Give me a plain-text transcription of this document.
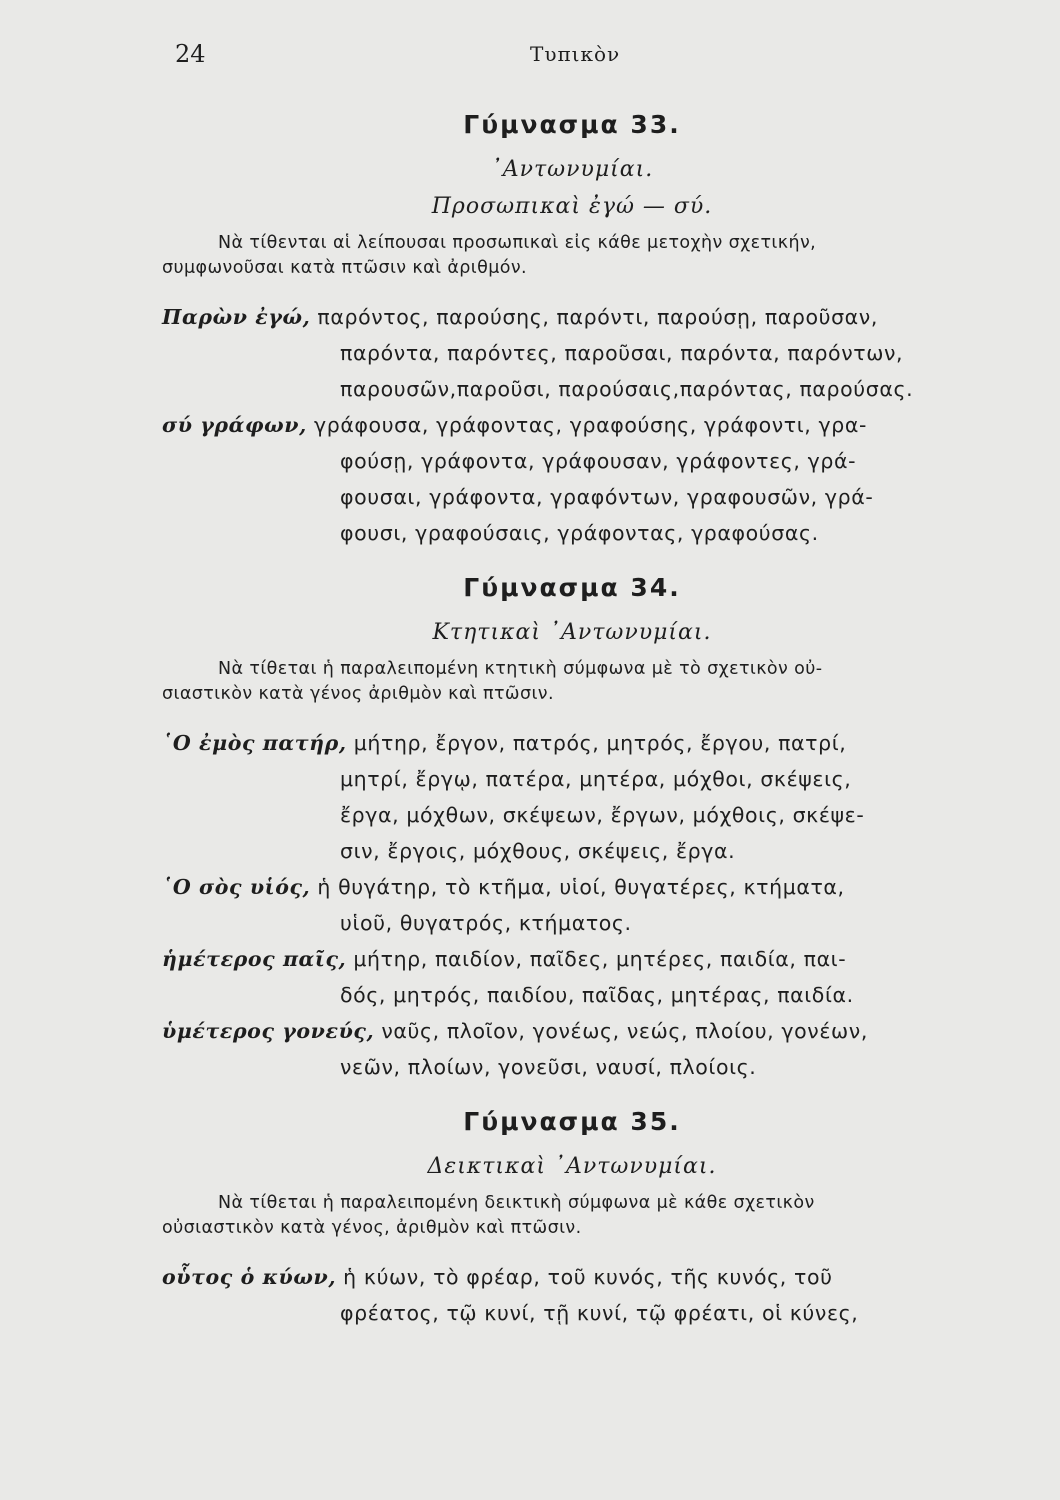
24	Τυπικὸν
Γύμνασμα 33.
᾿Αντωνυμίαι.
Προσωπικαὶ ἐγώ — σύ.
Νὰ τίθενται αἱ λείπουσαι προσωπικαὶ εἰς κάθε μετοχὴν σχετικήν,
συμφωνοῦσαι κατὰ πτῶσιν καὶ ἀριθμόν.
Παρὼν ἐγώ, παρόντος, παρούσης, παρόντι, παρούσῃ, παροῦσαν,
παρόντα, παρόντες, παροῦσαι, παρόντα, παρόντων,
παρουσῶν,παροῦσι, παρούσαις,παρόντας, παρούσας.
σύ γράφων, γράφουσα, γράφοντας, γραφούσης, γράφοντι, γρα-
φούσῃ, γράφοντα, γράφουσαν, γράφοντες, γρά-
φουσαι, γράφοντα, γραφόντων, γραφουσῶν, γρά-
φουσι, γραφούσαις, γράφοντας, γραφούσας.
Γύμνασμα 34.
Κτητικαὶ ᾿Αντωνυμίαι.
Νὰ τίθεται ἡ παραλειπομένη κτητικὴ σύμφωνα μὲ τὸ σχετικὸν οὐ-
σιαστικὸν κατὰ γένος ἀριθμὸν καὶ πτῶσιν.
῾Ο ἐμὸς πατήρ, μήτηρ, ἔργον, πατρός, μητρός, ἔργου, πατρί,
μητρί, ἔργῳ, πατέρα, μητέρα, μόχθοι, σκέψεις,
ἔργα, μόχθων, σκέψεων, ἔργων, μόχθοις, σκέψε-
σιν, ἔργοις, μόχθους, σκέψεις, ἔργα.
῾Ο σὸς υἱός, ἡ θυγάτηρ, τὸ κτῆμα, υἱοί, θυγατέρες, κτήματα,
υἱοῦ, θυγατρός, κτήματος.
ἡμέτερος παῖς, μήτηρ, παιδίον, παῖδες, μητέρες, παιδία, παι-
δός, μητρός, παιδίου, παῖδας, μητέρας, παιδία.
ὑμέτερος γονεύς, ναῦς, πλοῖον, γονέως, νεώς, πλοίου, γονέων,
νεῶν, πλοίων, γονεῦσι, ναυσί, πλοίοις.
Γύμνασμα 35.
Δεικτικαὶ ᾿Αντωνυμίαι.
Νὰ τίθεται ἡ παραλειπομένη δεικτικὴ σύμφωνα μὲ κάθε σχετικὸν
οὐσιαστικὸν κατὰ γένος, ἀριθμὸν καὶ πτῶσιν.
οὗτος ὁ κύων, ἡ κύων, τὸ φρέαρ, τοῦ κυνός, τῆς κυνός, τοῦ
φρέατος, τῷ κυνί, τῇ κυνί, τῷ φρέατι, οἱ κύνες,
